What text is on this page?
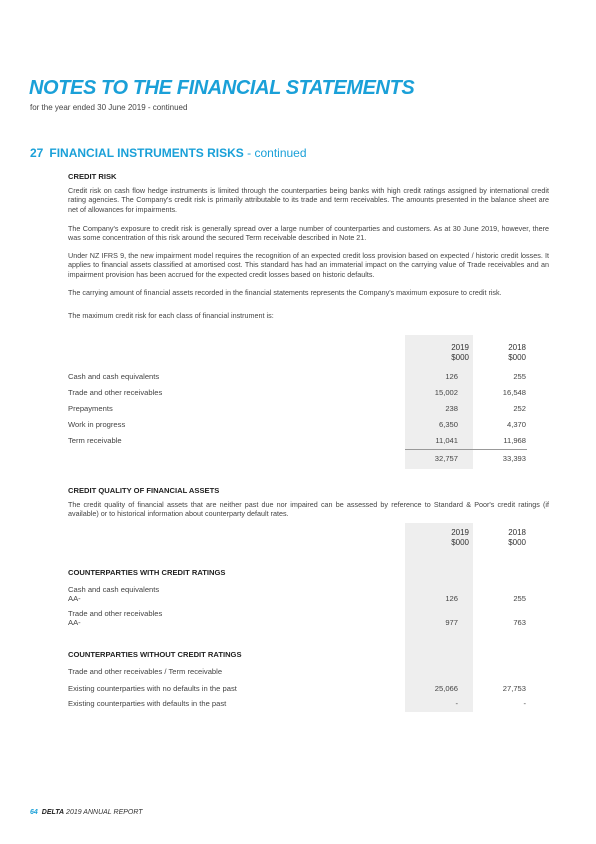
NOTES TO THE FINANCIAL STATEMENTS
for the year ended 30 June 2019 - continued
27 FINANCIAL INSTRUMENTS RISKS - continued
CREDIT RISK
Credit risk on cash flow hedge instruments is limited through the counterparties being banks with high credit ratings assigned by international credit rating agencies. The Company's credit risk is primarily attributable to its trade and term receivables. The amounts presented in the balance sheet are net of allowances for impairments.
The Company's exposure to credit risk is generally spread over a large number of counterparties and customers. As at 30 June 2019, however, there was some concentration of this risk around the secured Term receivable described in Note 21.
Under NZ IFRS 9, the new impairment model requires the recognition of an expected credit loss provision based on expected / historic credit losses. It applies to financial assets classified at amortised cost. This standard has had an immaterial impact on the carrying value of Trade receivables and an impairment provision has been accrued for the expected credit losses based on historic defaults.
The carrying amount of financial assets recorded in the financial statements represents the Company's maximum exposure to credit risk.
The maximum credit risk for each class of financial instrument is:
2019
$000
2018
$000
Cash and cash equivalents	126	255
Trade and other receivables	15,002	16,548
Prepayments	238	252
Work in progress	6,350	4,370
Term receivable	11,041	11,968
32,757	33,393
CREDIT QUALITY OF FINANCIAL ASSETS
The credit quality of financial assets that are neither past due nor impaired can be assessed by reference to Standard & Poor's credit ratings (if available) or to historical information about counterparty default rates.
2019
$000
2018
$000
COUNTERPARTIES WITH CREDIT RATINGS
Cash and cash equivalents
AA-	126	255
Trade and other receivables
AA-	977	763
COUNTERPARTIES WITHOUT CREDIT RATINGS
Trade and other receivables / Term receivable
Existing counterparties with no defaults in the past	25,066	27,753
Existing counterparties with defaults in the past	-	-
64 DELTA 2019 ANNUAL REPORT
